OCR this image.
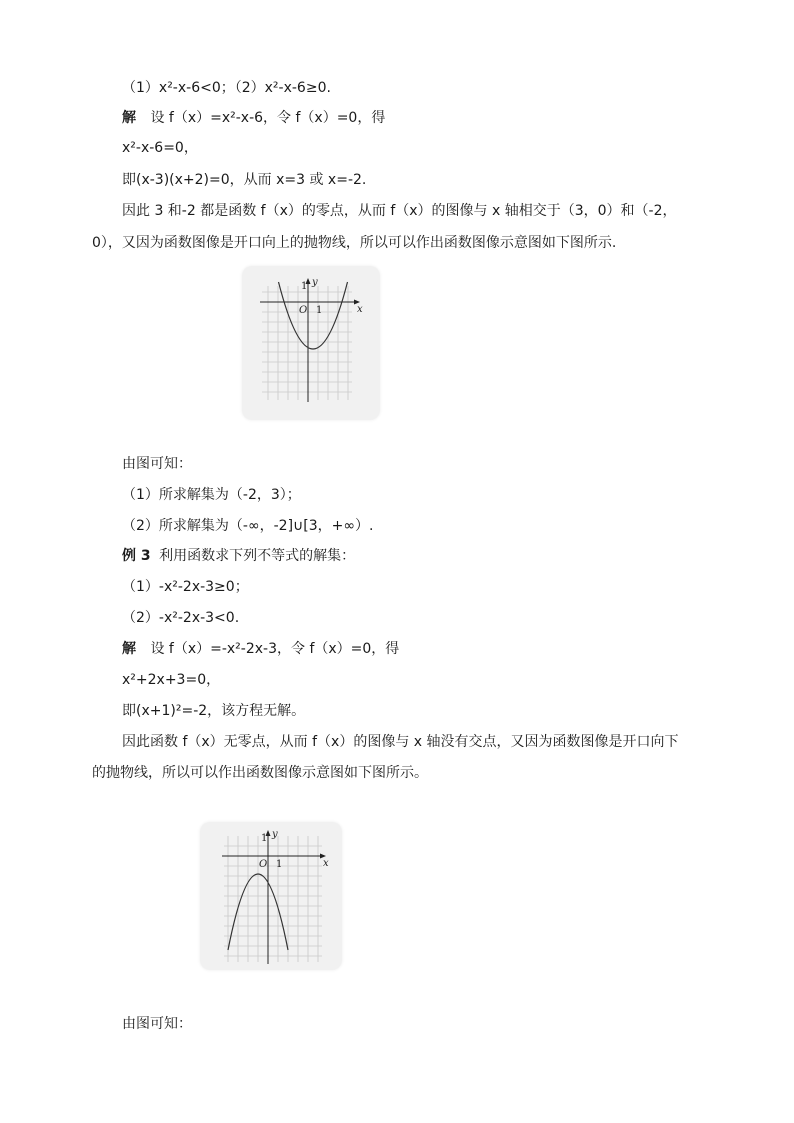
（1）x²-x-6<0；（2）x²-x-6≥0.
解 设 f（x）=x²-x-6，令 f（x）=0，得
x²-x-6=0，
即(x-3)(x+2)=0，从而 x=3 或 x=-2.
因此 3 和-2 都是函数 f（x）的零点，从而 f（x）的图像与 x 轴相交于（3，0）和（-2，
0），又因为函数图像是开口向上的抛物线，所以可以作出函数图像示意图如下图所示.
x
y
O 1
1
由图可知：
（1）所求解集为（-2，3）；
（2）所求解集为（-∞，-2]∪[3，+∞）.
例 3 利用函数求下列不等式的解集：
（1）-x²-2x-3≥0；
（2）-x²-2x-3<0.
解 设 f（x）=-x²-2x-3，令 f（x）=0，得
x²+2x+3=0，
即(x+1)²=-2，该方程无解。
因此函数 f（x）无零点，从而 f（x）的图像与 x 轴没有交点，又因为函数图像是开口向下
的抛物线，所以可以作出函数图像示意图如下图所示。
x
y
O 1
1
由图可知：
